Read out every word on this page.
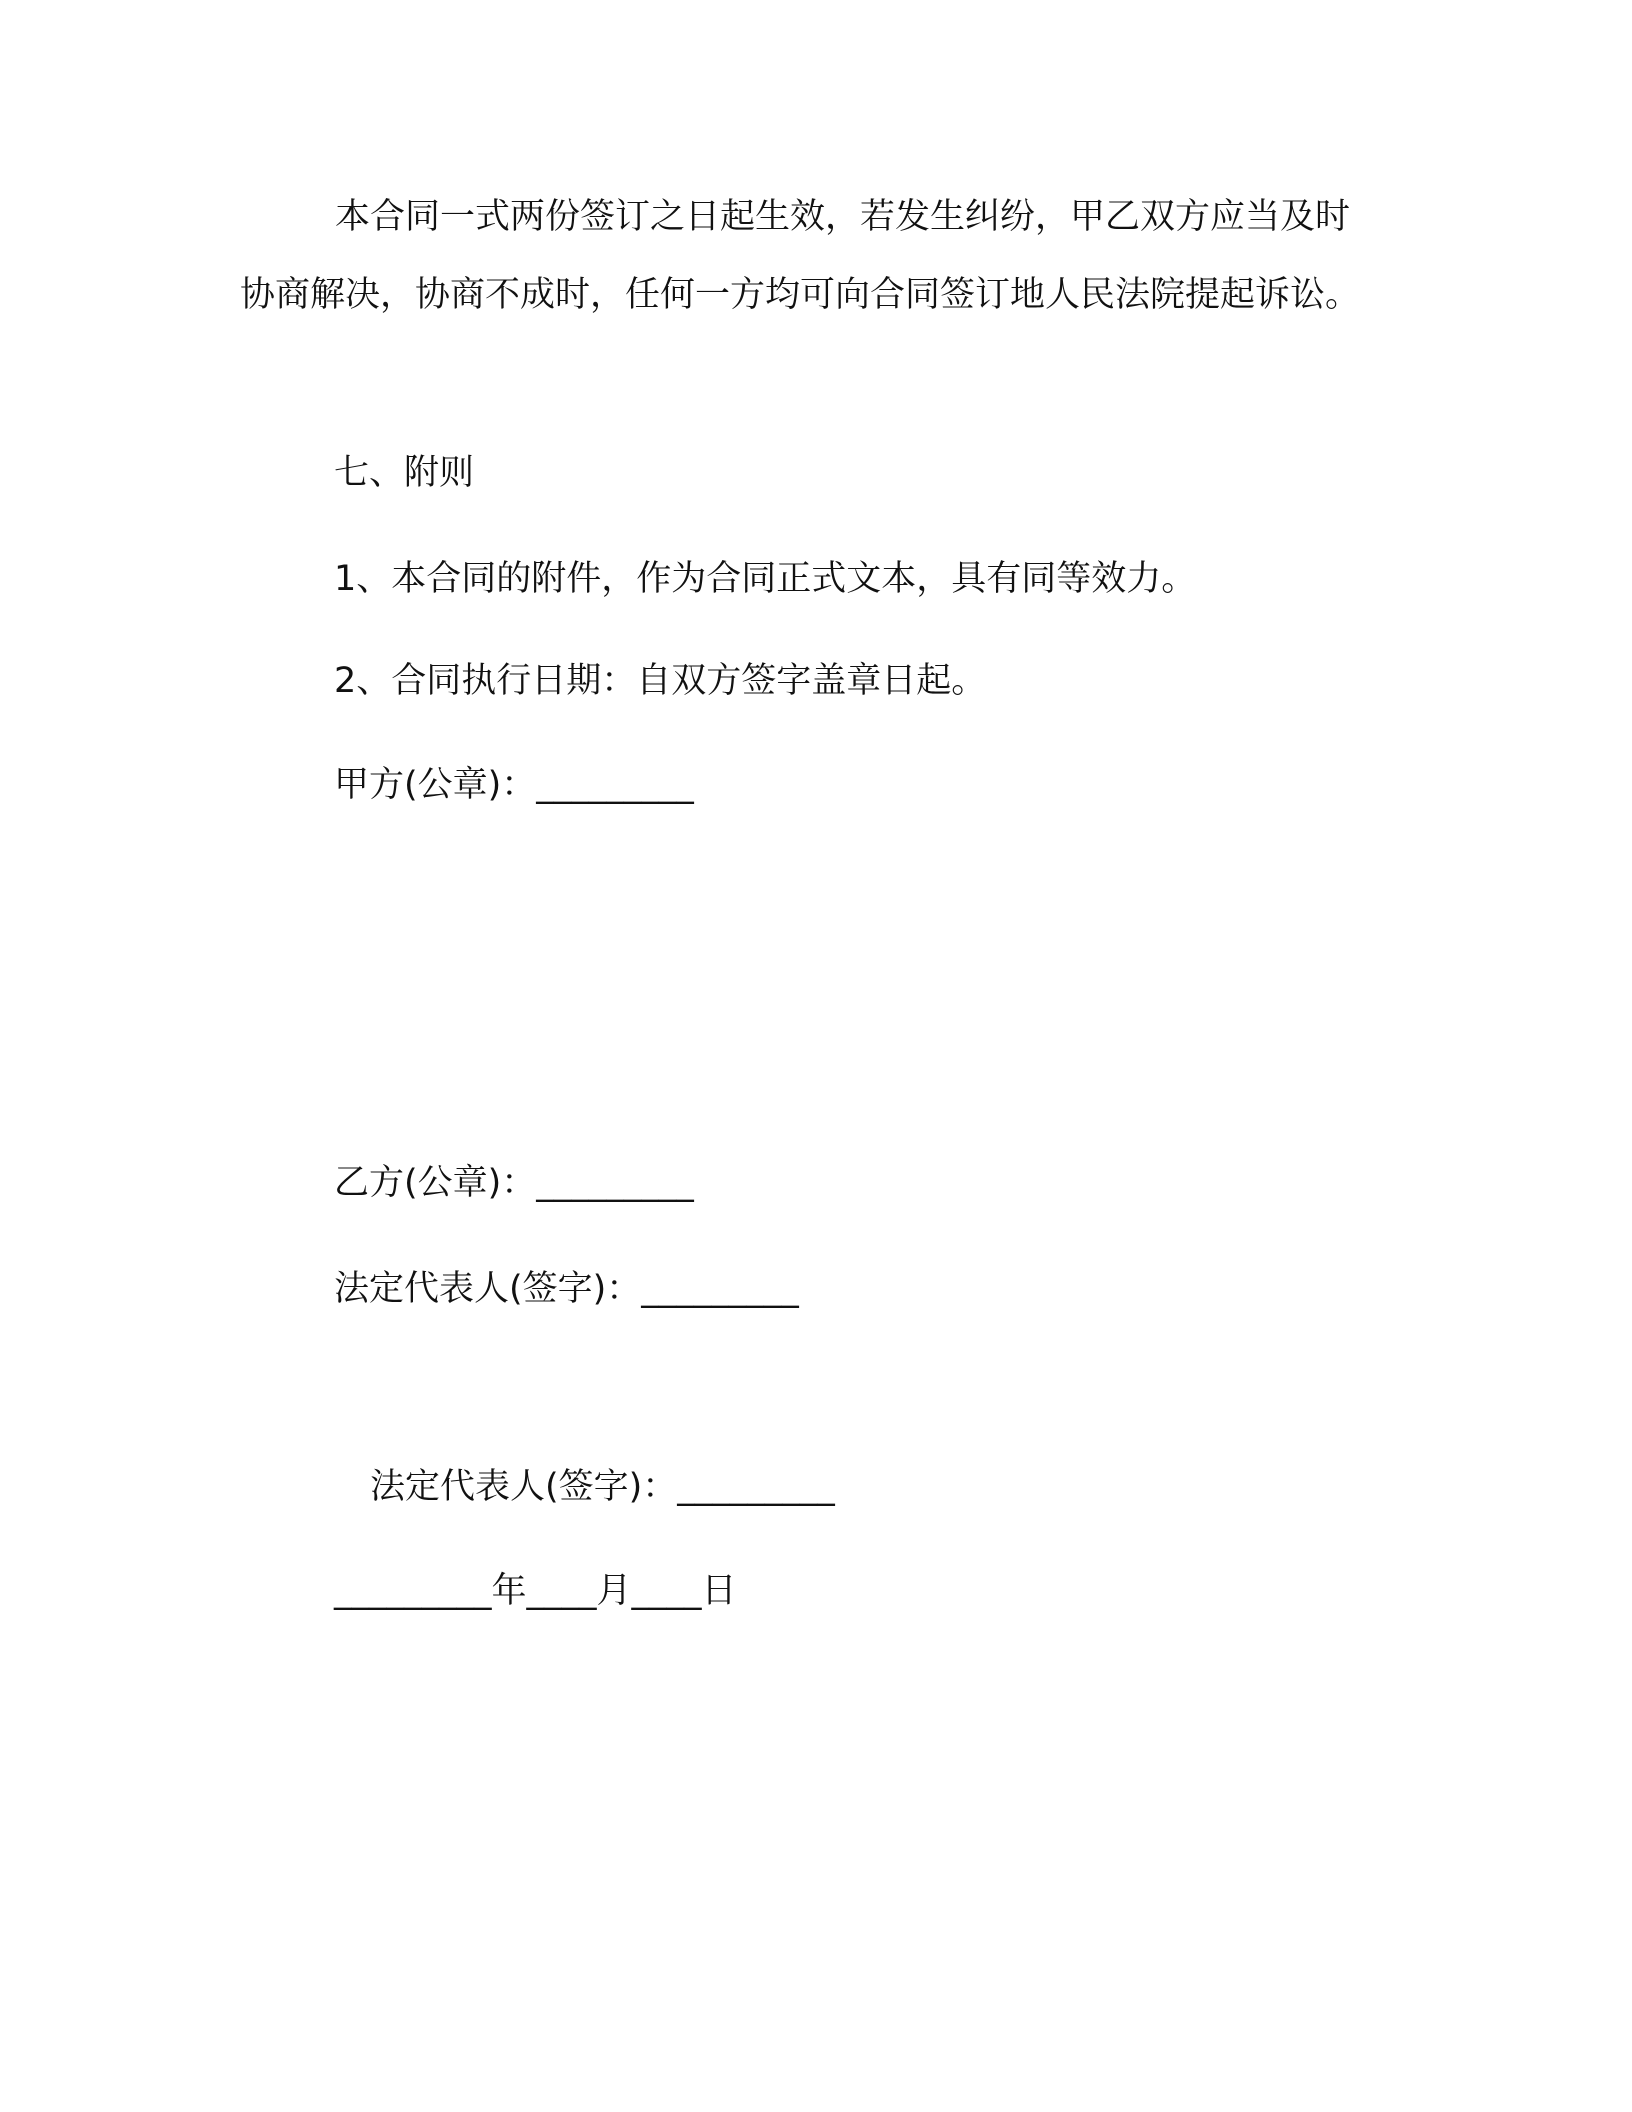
本合同一式两份签订之日起生效，若发生纠纷，甲乙双方应当及时协商解决，协商不成时，任何一方均可向合同签订地人民法院提起诉讼。

七、附则

1、本合同的附件，作为合同正式文本，具有同等效力。

2、合同执行日期：自双方签字盖章日起。

甲方(公章)：_________

乙方(公章)：_________

法定代表人(签字)：_________

法定代表人(签字)：_________

_________年____月____日
